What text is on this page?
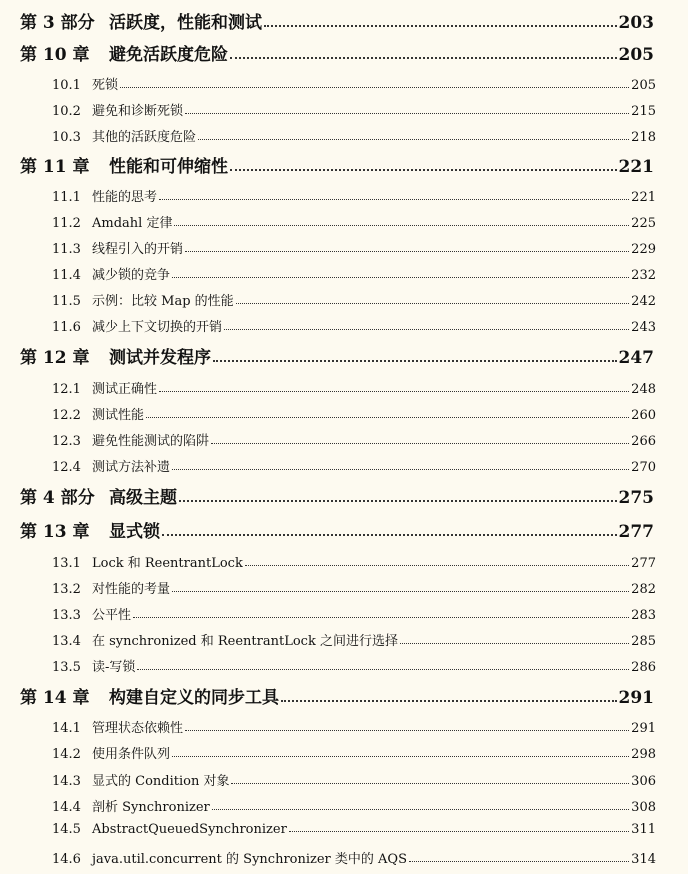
第 3 部分 活跃度，性能和测试	203
第 10 章	避免活跃度危险	205
10.1 死锁	205
10.2 避免和诊断死锁	215
10.3 其他的活跃度危险	218
第 11 章	性能和可伸缩性	221
11.1 性能的思考	221
11.2 Amdahl 定律	225
11.3 线程引入的开销	229
11.4 减少锁的竞争	232
11.5 示例：比较 Map 的性能	242
11.6 减少上下文切换的开销	243
第 12 章	测试并发程序	247
12.1 测试正确性	248
12.2 测试性能	260
12.3 避免性能测试的陷阱	266
12.4 测试方法补遗	270
第 4 部分 高级主题	275
第 13 章	显式锁	277
13.1 Lock 和 ReentrantLock	277
13.2 对性能的考量	282
13.3 公平性	283
13.4 在 synchronized 和 ReentrantLock 之间进行选择	285
13.5 读-写锁	286
第 14 章	构建自定义的同步工具	291
14.1 管理状态依赖性	291
14.2 使用条件队列	298
14.3 显式的 Condition 对象	306
14.4 剖析 Synchronizer	308
14.5 AbstractQueuedSynchronizer	311
14.6 java.util.concurrent 的 Synchronizer 类中的 AQS	314
